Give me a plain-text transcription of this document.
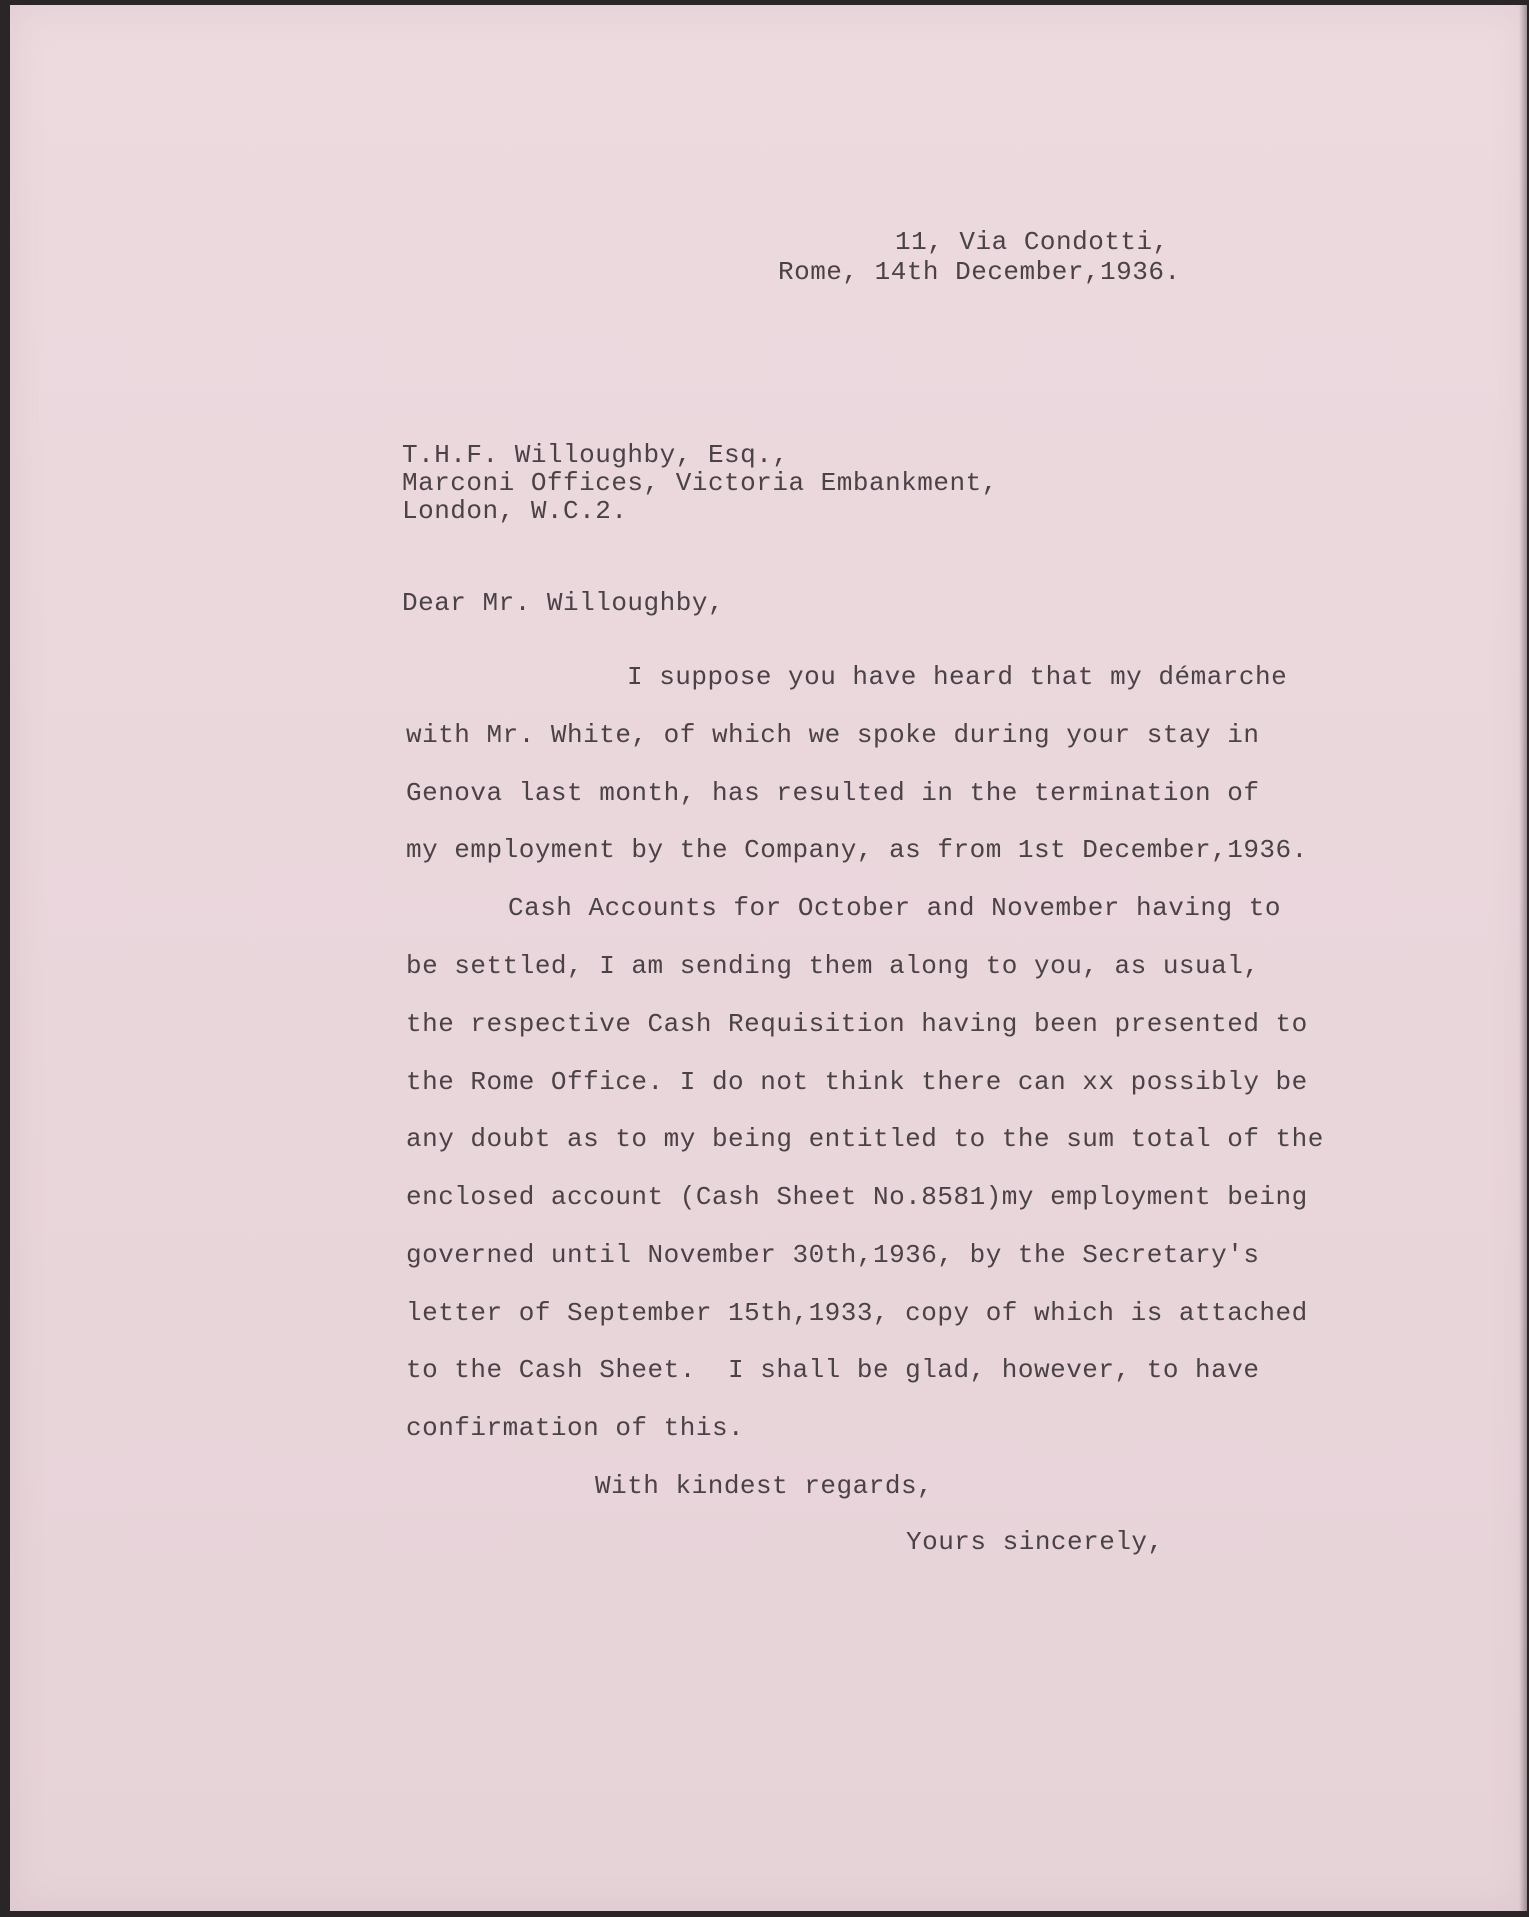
11, Via Condotti,
Rome, 14th December,1936.
T.H.F. Willoughby, Esq.,
Marconi Offices, Victoria Embankment,
London, W.C.2.
Dear Mr. Willoughby,
I suppose you have heard that my démarche
with Mr. White, of which we spoke during your stay in
Genova last month, has resulted in the termination of
my employment by the Company, as from 1st December,1936.
Cash Accounts for October and November having to
be settled, I am sending them along to you, as usual,
the respective Cash Requisition having been presented to
the Rome Office. I do not think there can xx possibly be
any doubt as to my being entitled to the sum total of the
enclosed account (Cash Sheet No.8581)my employment being
governed until November 30th,1936, by the Secretary's
letter of September 15th,1933, copy of which is attached
to the Cash Sheet.  I shall be glad, however, to have
confirmation of this.
With kindest regards,
Yours sincerely,
